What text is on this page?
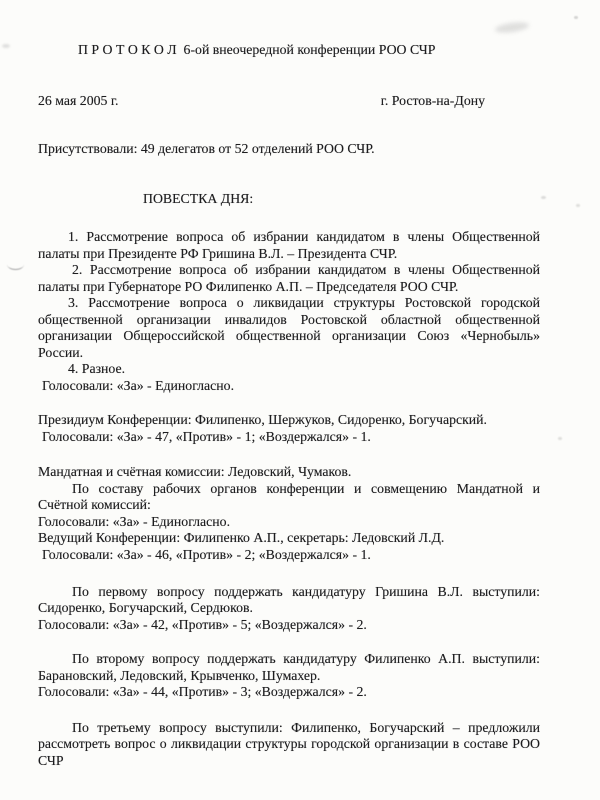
П Р О Т О К О Л  6-ой внеочередной конференции РОО СЧР
26 мая 2005 г.	г. Ростов-на-Дону
Присутствовали: 49 делегатов от 52 отделений РОО СЧР.
ПОВЕСТКА ДНЯ:
1. Рассмотрение вопроса об избрании кандидатом в члены Общественной
палаты при Президенте РФ Гришина В.Л. – Президента СЧР.
2. Рассмотрение вопроса об избрании кандидатом в члены Общественной
палаты при Губернаторе РО Филипенко А.П. – Председателя РОО СЧР.
3. Рассмотрение вопроса о ликвидации структуры Ростовской городской
общественной организации инвалидов Ростовской областной общественной
организации Общероссийской общественной организации Союз «Чернобыль»
России.
4. Разное.
Голосовали: «За» - Единогласно.
Президиум Конференции: Филипенко, Шержуков, Сидоренко, Богучарский.
Голосовали: «За» - 47, «Против» - 1; «Воздержался» - 1.
Мандатная и счётная комиссии: Ледовский, Чумаков.
По составу рабочих органов конференции и совмещению Мандатной и
Счётной комиссий:
Голосовали: «За» - Единогласно.
Ведущий Конференции: Филипенко А.П., секретарь: Ледовский Л.Д.
Голосовали: «За» - 46, «Против» - 2; «Воздержался» - 1.
По первому вопросу поддержать кандидатуру Гришина В.Л. выступили:
Сидоренко, Богучарский, Сердюков.
Голосовали: «За» - 42, «Против» - 5; «Воздержался» - 2.
По второму вопросу поддержать кандидатуру Филипенко А.П. выступили:
Барановский, Ледовский, Крывченко, Шумахер.
Голосовали: «За» - 44, «Против» - 3; «Воздержался» - 2.
По третьему вопросу выступили: Филипенко, Богучарский – предложили
рассмотреть вопрос о ликвидации структуры городской организации в составе РОО
СЧР
